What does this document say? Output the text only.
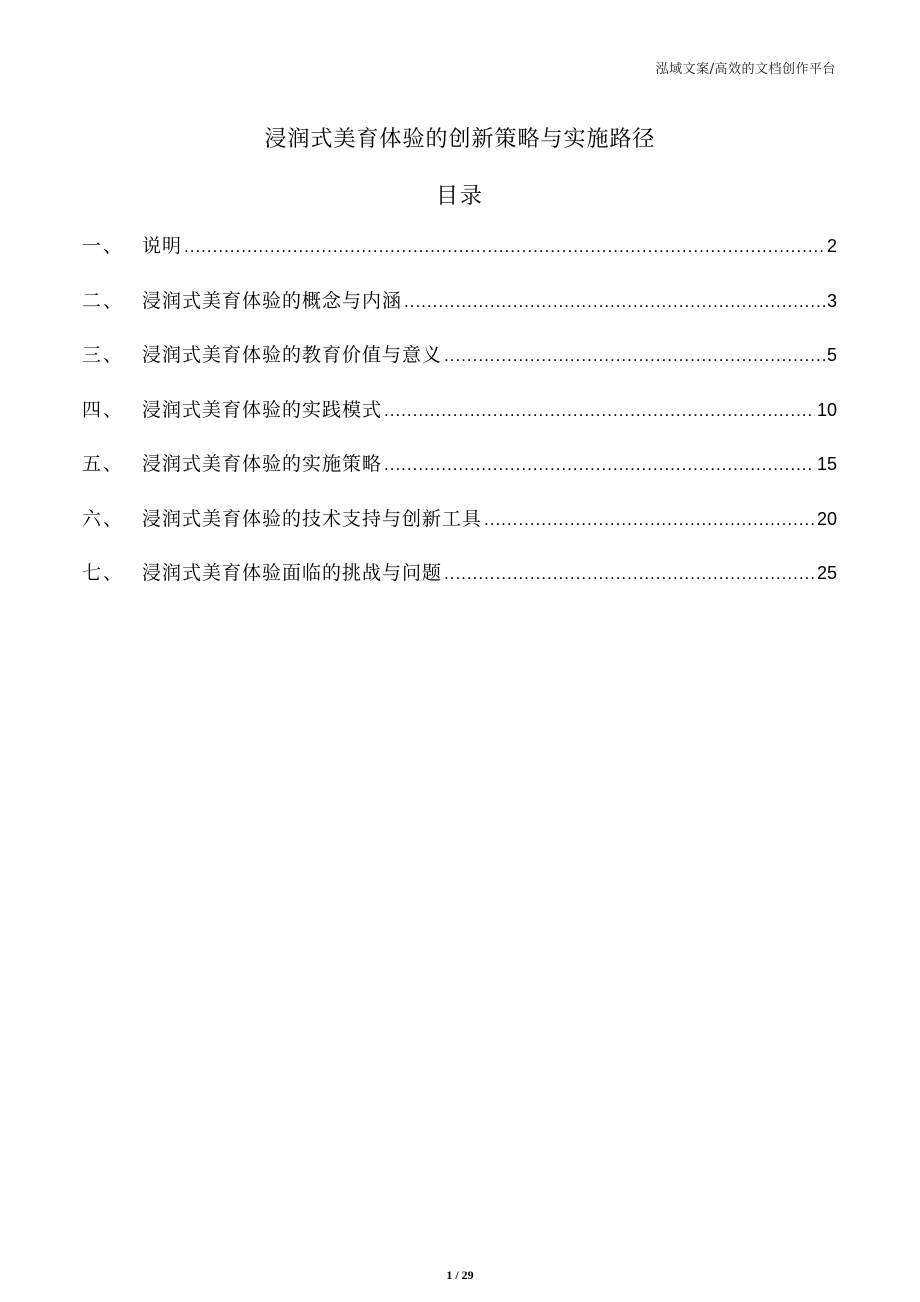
泓域文案/高效的文档创作平台
浸润式美育体验的创新策略与实施路径
目录
一、 说明 .....	2
二、 浸润式美育体验的概念与内涵 .....	3
三、 浸润式美育体验的教育价值与意义 .....	5
四、 浸润式美育体验的实践模式 .....	10
五、 浸润式美育体验的实施策略 .....	15
六、 浸润式美育体验的技术支持与创新工具 .....	20
七、 浸润式美育体验面临的挑战与问题 .....	25
1 / 29
